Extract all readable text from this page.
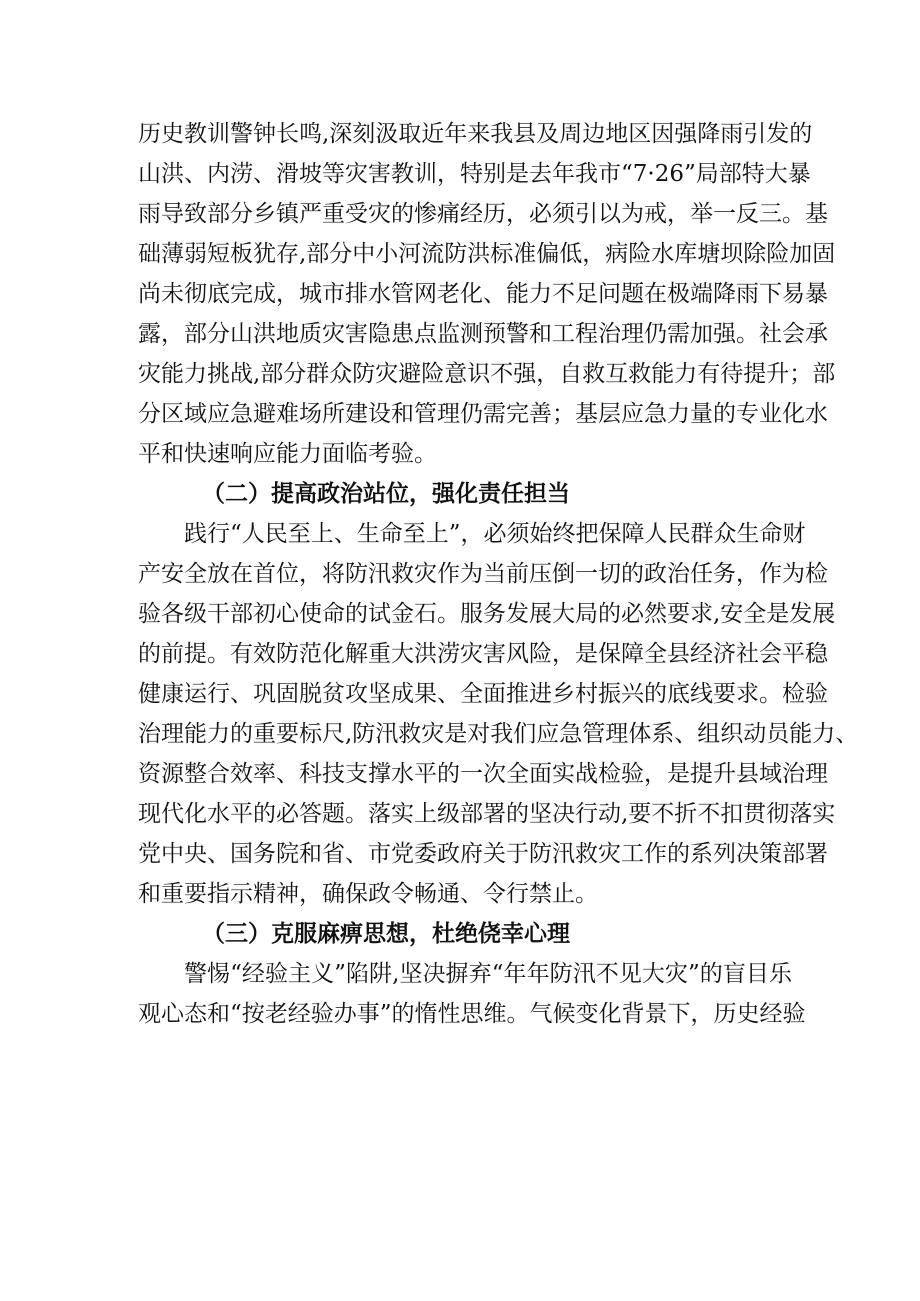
历史教训警钟长鸣,深刻汲取近年来我县及周边地区因强降雨引发的
山洪、内涝、滑坡等灾害教训，特别是去年我市“7·26”局部特大暴
雨导致部分乡镇严重受灾的惨痛经历，必须引以为戒，举一反三。基
础薄弱短板犹存,部分中小河流防洪标准偏低，病险水库塘坝除险加固
尚未彻底完成，城市排水管网老化、能力不足问题在极端降雨下易暴
露，部分山洪地质灾害隐患点监测预警和工程治理仍需加强。社会承
灾能力挑战,部分群众防灾避险意识不强，自救互救能力有待提升；部
分区域应急避难场所建设和管理仍需完善；基层应急力量的专业化水
平和快速响应能力面临考验。
（二）提高政治站位，强化责任担当
践行“人民至上、生命至上”，必须始终把保障人民群众生命财
产安全放在首位，将防汛救灾作为当前压倒一切的政治任务，作为检
验各级干部初心使命的试金石。服务发展大局的必然要求,安全是发展
的前提。有效防范化解重大洪涝灾害风险，是保障全县经济社会平稳
健康运行、巩固脱贫攻坚成果、全面推进乡村振兴的底线要求。检验
治理能力的重要标尺,防汛救灾是对我们应急管理体系、组织动员能力、
资源整合效率、科技支撑水平的一次全面实战检验，是提升县域治理
现代化水平的必答题。落实上级部署的坚决行动,要不折不扣贯彻落实
党中央、国务院和省、市党委政府关于防汛救灾工作的系列决策部署
和重要指示精神，确保政令畅通、令行禁止。
（三）克服麻痹思想，杜绝侥幸心理
警惕“经验主义”陷阱,坚决摒弃“年年防汛不见大灾”的盲目乐
观心态和“按老经验办事”的惰性思维。气候变化背景下，历史经验
